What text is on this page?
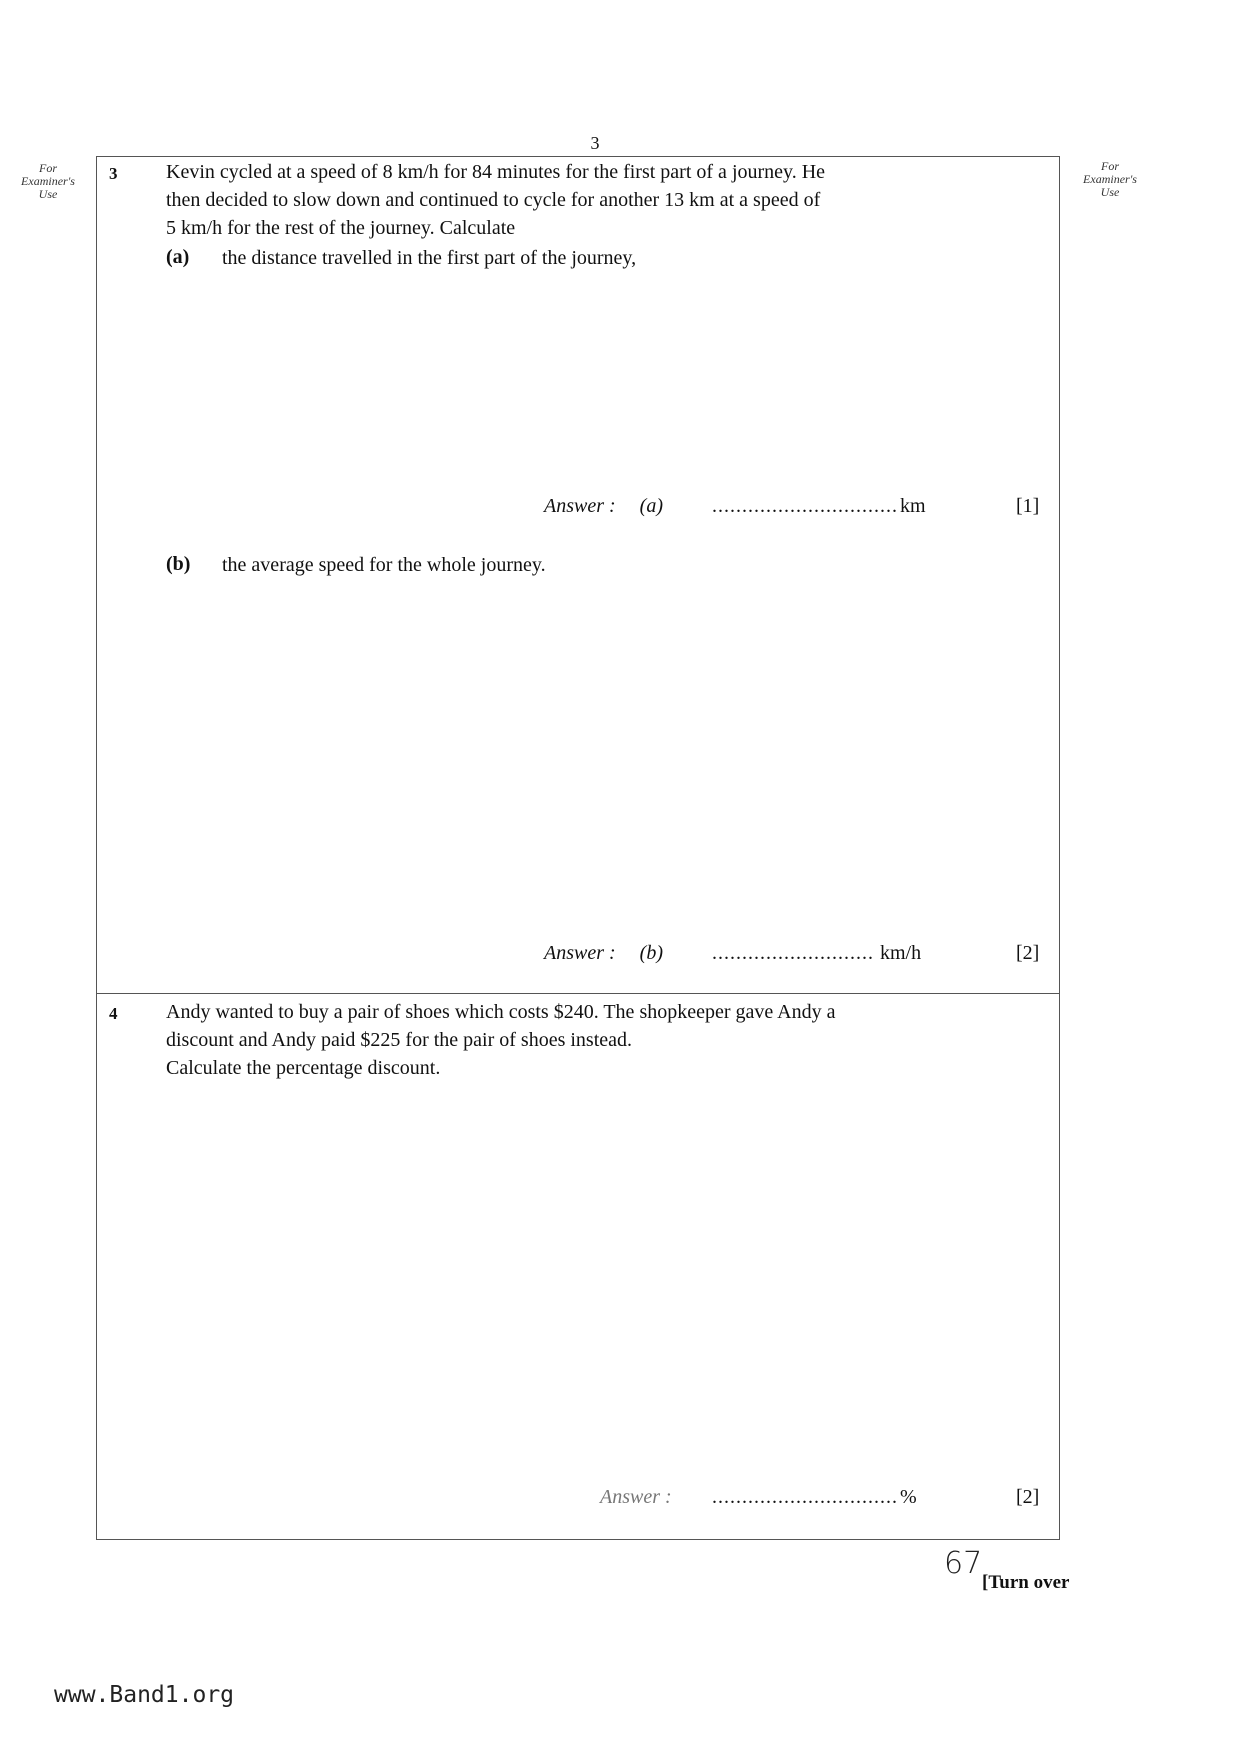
3
For
Examiner's
Use
For
Examiner's
Use
3 Kevin cycled at a speed of 8 km/h for 84 minutes for the first part of a journey. He
then decided to slow down and continued to cycle for another 13 km at a speed of
5 km/h for the rest of the journey. Calculate
(a) the distance travelled in the first part of the journey,
Answer : (a) ............................... km	[1]
(b) the average speed for the whole journey.
Answer : (b) ........................... km/h	[2]
4 Andy wanted to buy a pair of shoes which costs $240. The shopkeeper gave Andy a
discount and Andy paid $225 for the pair of shoes instead.
Calculate the percentage discount.
Answer : ............................... %	[2]
67
[Turn over
www.Band1.org
